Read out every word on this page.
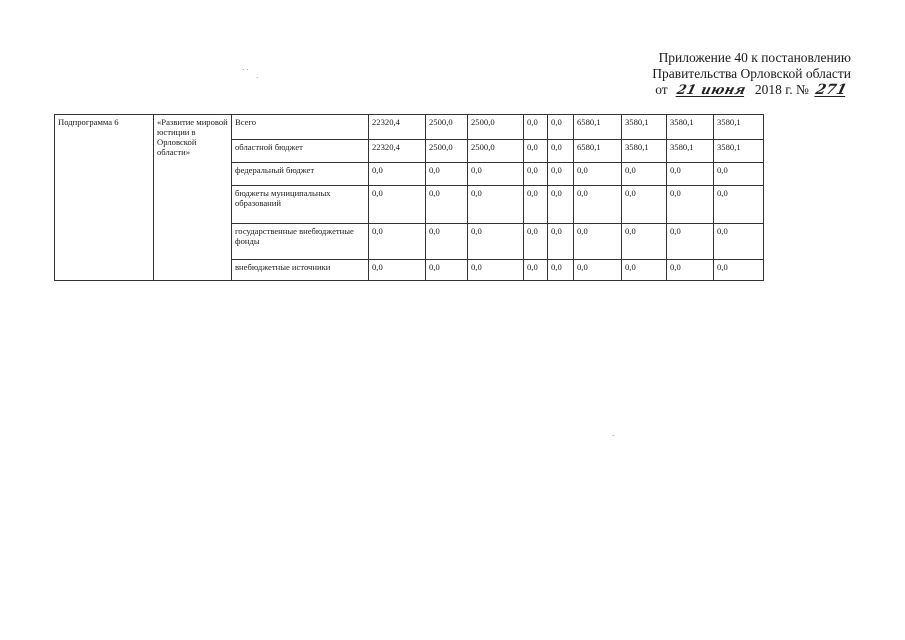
· ·
·
·
Приложение 40 к постановлению
Правительства Орловской области
от 21 июня 2018 г. № 271
Подпрограмма 6	«Развитие мировой юстиции в Орловской области»	Всего	22320,4	2500,0	2500,0	0,0	0,0	6580,1	3580,1	3580,1	3580,1
		областной бюджет	22320,4	2500,0	2500,0	0,0	0,0	6580,1	3580,1	3580,1	3580,1
		федеральный бюджет	0,0	0,0	0,0	0,0	0,0	0,0	0,0	0,0	0,0
		бюджеты муниципальных образований	0,0	0,0	0,0	0,0	0,0	0,0	0,0	0,0	0,0
		государственные внебюджетные фонды	0,0	0,0	0,0	0,0	0,0	0,0	0,0	0,0	0,0
		внебюджетные источники	0,0	0,0	0,0	0,0	0,0	0,0	0,0	0,0	0,0
